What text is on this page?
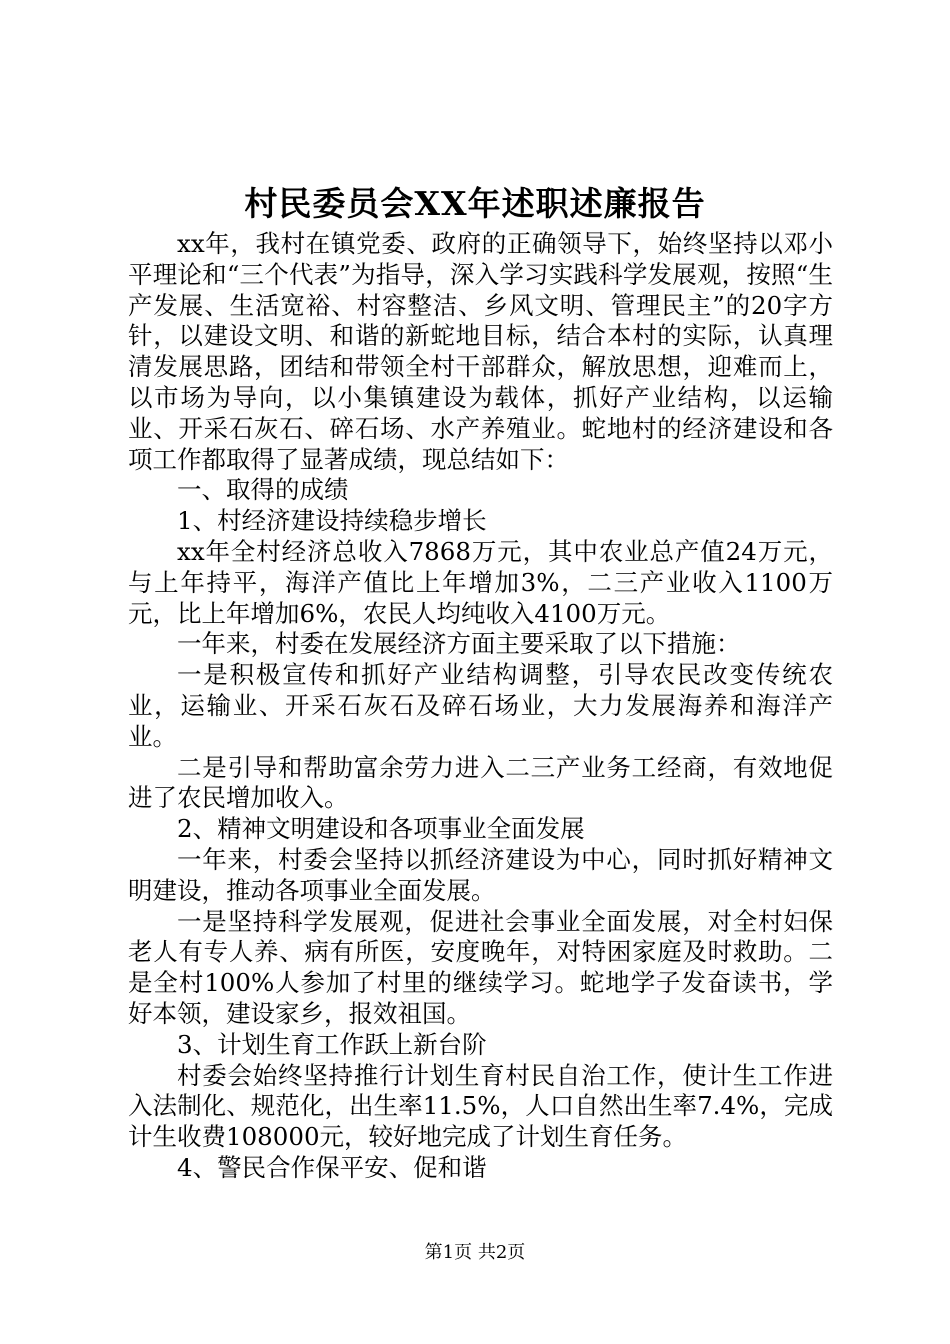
村民委员会XX年述职述廉报告

xx年，我村在镇党委、政府的正确领导下，始终坚持以邓小平理论和“三个代表”为指导，深入学习实践科学发展观，按照“生产发展、生活宽裕、村容整洁、乡风文明、管理民主”的20字方针，以建设文明、和谐的新蛇地目标，结合本村的实际，认真理清发展思路，团结和带领全村干部群众，解放思想，迎难而上，以市场为导向，以小集镇建设为载体，抓好产业结构，以运输业、开采石灰石、碎石场、水产养殖业。蛇地村的经济建设和各项工作都取得了显著成绩，现总结如下：

一、取得的成绩

1、村经济建设持续稳步增长

xx年全村经济总收入7868万元，其中农业总产值24万元，与上年持平，海洋产值比上年增加3%，二三产业收入1100万元，比上年增加6%，农民人均纯收入4100万元。

一年来，村委在发展经济方面主要采取了以下措施：

一是积极宣传和抓好产业结构调整，引导农民改变传统农业，运输业、开采石灰石及碎石场业，大力发展海养和海洋产业。

二是引导和帮助富余劳力进入二三产业务工经商，有效地促进了农民增加收入。

2、精神文明建设和各项事业全面发展

一年来，村委会坚持以抓经济建设为中心，同时抓好精神文明建设，推动各项事业全面发展。

一是坚持科学发展观，促进社会事业全面发展，对全村妇保老人有专人养、病有所医，安度晚年，对特困家庭及时救助。二是全村100%人参加了村里的继续学习。蛇地学子发奋读书，学好本领，建设家乡，报效祖国。

3、计划生育工作跃上新台阶

村委会始终坚持推行计划生育村民自治工作，使计生工作进入法制化、规范化，出生率11.5%，人口自然出生率7.4%，完成计生收费108000元，较好地完成了计划生育任务。

4、警民合作保平安、促和谐

第1页 共2页
